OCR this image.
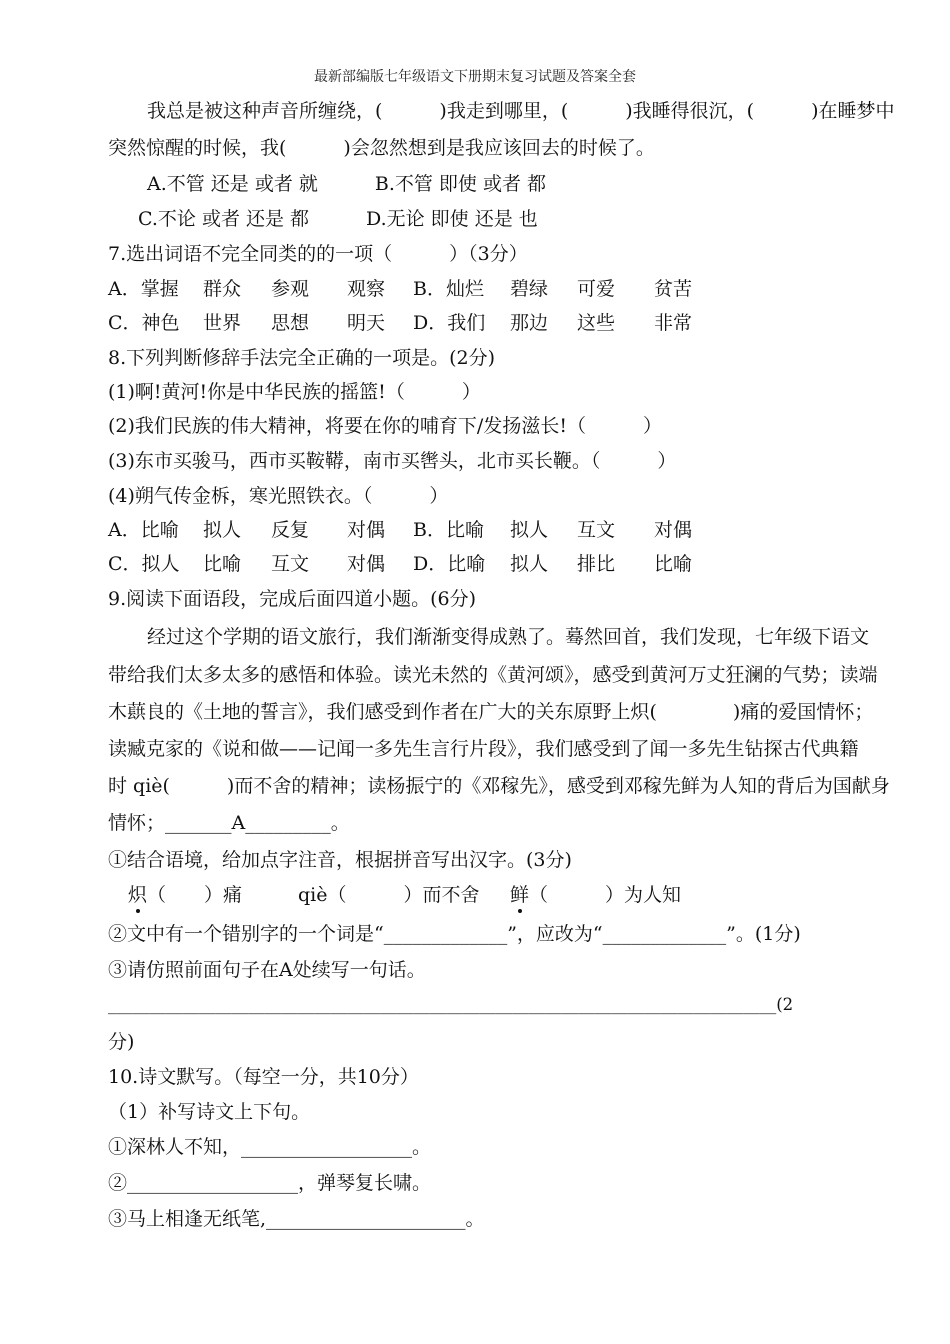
最新部编版七年级语文下册期末复习试题及答案全套
我总是被这种声音所缠绕，(　　　)我走到哪里，(　　　)我睡得很沉，(　　　)在睡梦中
突然惊醒的时候，我(　　　)会忽然想到是我应该回去的时候了。
A.不管 还是 或者 就　　　B.不管 即使 或者 都
C.不论 或者 还是 都　　　D.无论 即使 还是 也
7.选出词语不完全同类的的一项（　　　）（3分）
A．掌握 群众 参观 观察 B．灿烂 碧绿 可爱 贫苦
C．神色 世界 思想 明天 D．我们 那边 这些 非常
8.下列判断修辞手法完全正确的一项是。(2分)
(1)啊!黄河!你是中华民族的摇篮!（　　　）
(2)我们民族的伟大精神，将要在你的哺育下/发扬滋长!（　　　）
(3)东市买骏马，西市买鞍鞯，南市买辔头，北市买长鞭。（　　　）
(4)朔气传金柝，寒光照铁衣。（　　　）
A．比喻 拟人 反复 对偶 B．比喻 拟人 互文 对偶
C．拟人 比喻 互文 对偶 D．比喻 拟人 排比 比喻
9.阅读下面语段，完成后面四道小题。(6分)
经过这个学期的语文旅行，我们渐渐变得成熟了。蓦然回首，我们发现，七年级下语文
带给我们太多太多的感悟和体验。读光未然的《黄河颂》，感受到黄河万丈狂澜的气势；读端
木蕻良的《土地的誓言》，我们感受到作者在广大的关东原野上炽(　　　　)痛的爱国情怀；
读臧克家的《说和做——记闻一多先生言行片段》，我们感受到了闻一多先生钻探古代典籍
时 qiè(　　　)而不舍的精神；读杨振宁的《邓稼先》，感受到邓稼先鲜为人知的背后为国献身
情怀；_______A_________。
①结合语境，给加点字注音，根据拼音写出汉字。(3分)
炽（　　）痛	qiè（　　　）而不舍 鲜（　　　）为人知
②文中有一个错别字的一个词是“_____________”，应改为“_____________”。(1分)
③请仿照前面句子在A处续写一句话。
_________________________________________________________________________________(2
分)
10.诗文默写。（每空一分，共10分）
（1）补写诗文上下句。
①深林人不知，__________________。
②__________________，弹琴复长啸。
③马上相逢无纸笔,_____________________。
